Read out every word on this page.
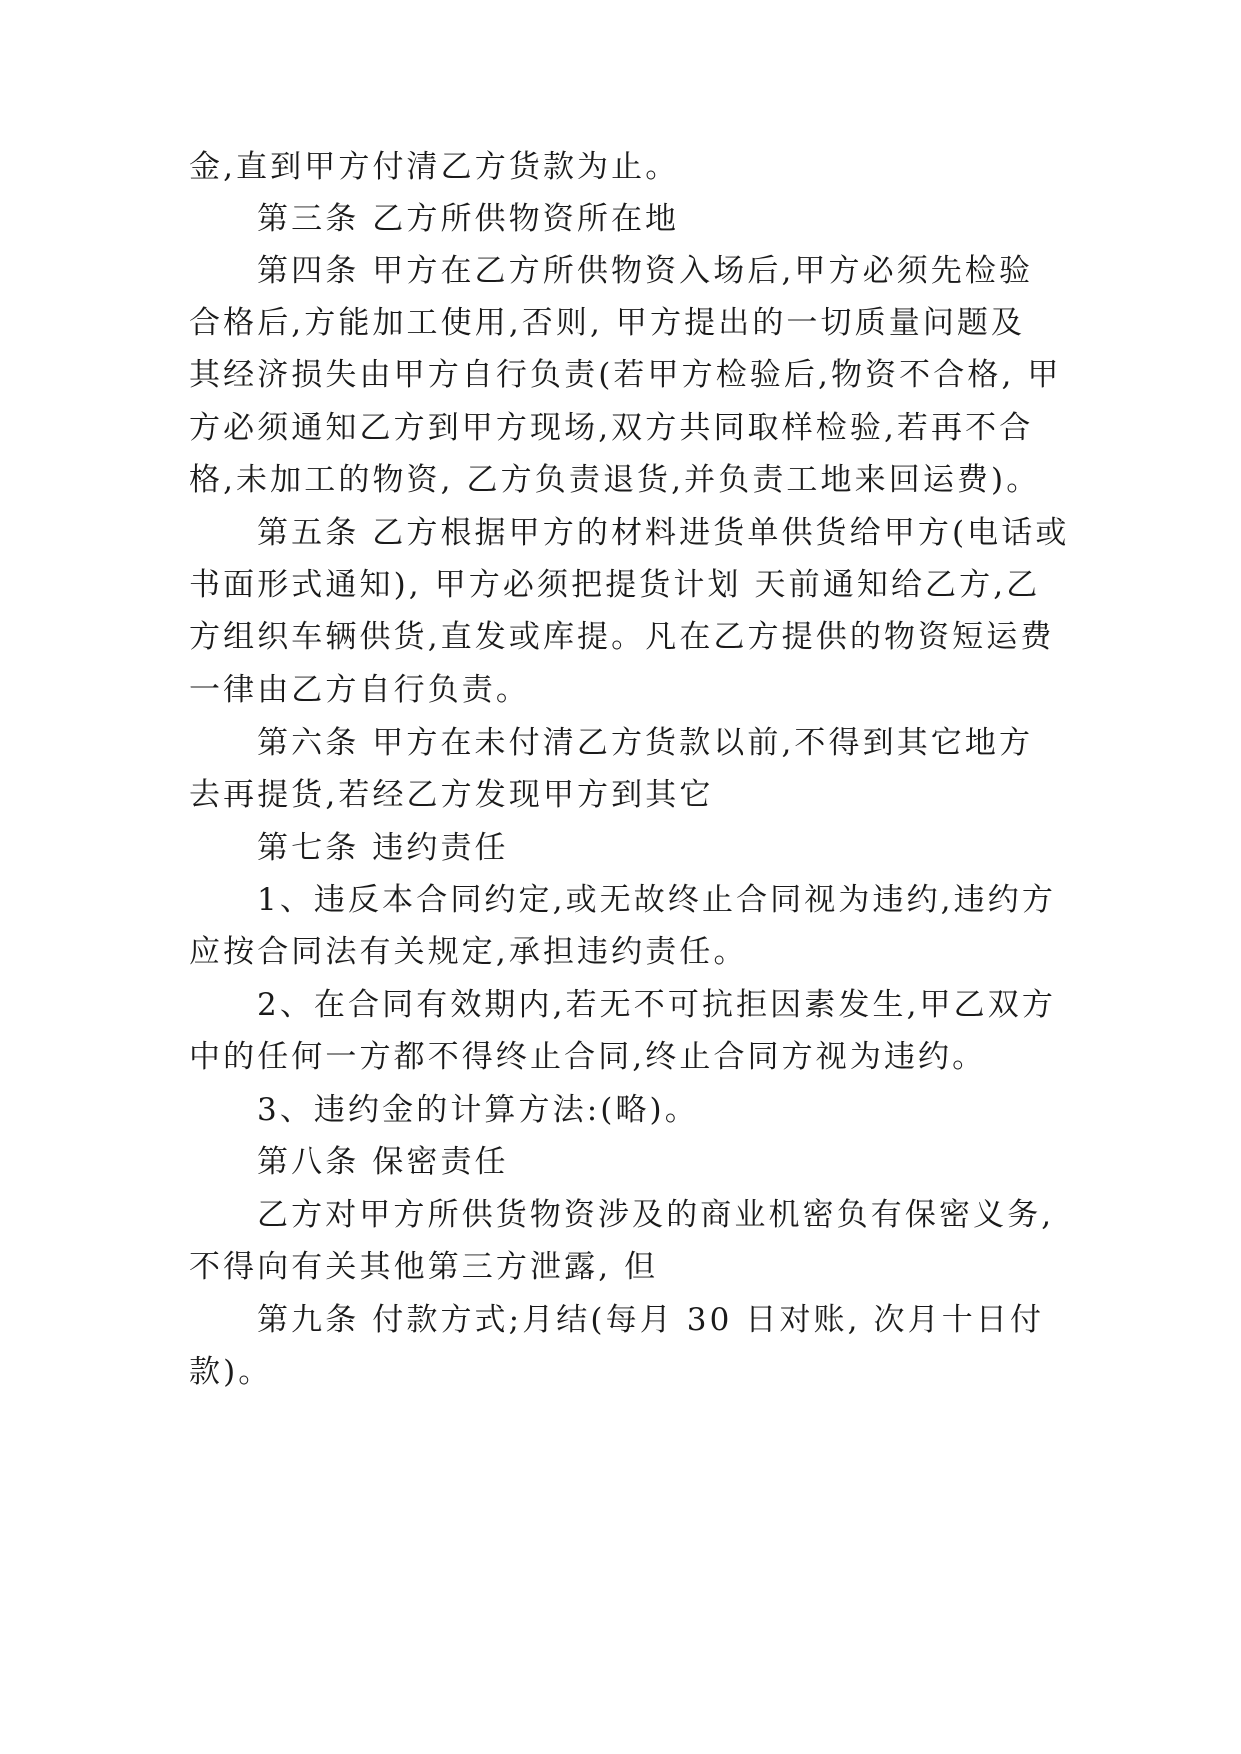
金,直到甲方付清乙方货款为止。
第三条 乙方所供物资所在地
第四条 甲方在乙方所供物资入场后,甲方必须先检验
合格后,方能加工使用,否则, 甲方提出的一切质量问题及
其经济损失由甲方自行负责(若甲方检验后,物资不合格, 甲
方必须通知乙方到甲方现场,双方共同取样检验,若再不合
格,未加工的物资, 乙方负责退货,并负责工地来回运费)。
第五条 乙方根据甲方的材料进货单供货给甲方(电话或
书面形式通知), 甲方必须把提货计划 天前通知给乙方,乙
方组织车辆供货,直发或库提。凡在乙方提供的物资短运费
一律由乙方自行负责。
第六条 甲方在未付清乙方货款以前,不得到其它地方
去再提货,若经乙方发现甲方到其它
第七条 违约责任
1、违反本合同约定,或无故终止合同视为违约,违约方
应按合同法有关规定,承担违约责任。
2、在合同有效期内,若无不可抗拒因素发生,甲乙双方
中的任何一方都不得终止合同,终止合同方视为违约。
3、违约金的计算方法:(略)。
第八条 保密责任
乙方对甲方所供货物资涉及的商业机密负有保密义务,
不得向有关其他第三方泄露, 但
第九条 付款方式;月结(每月 30 日对账, 次月十日付
款)。
